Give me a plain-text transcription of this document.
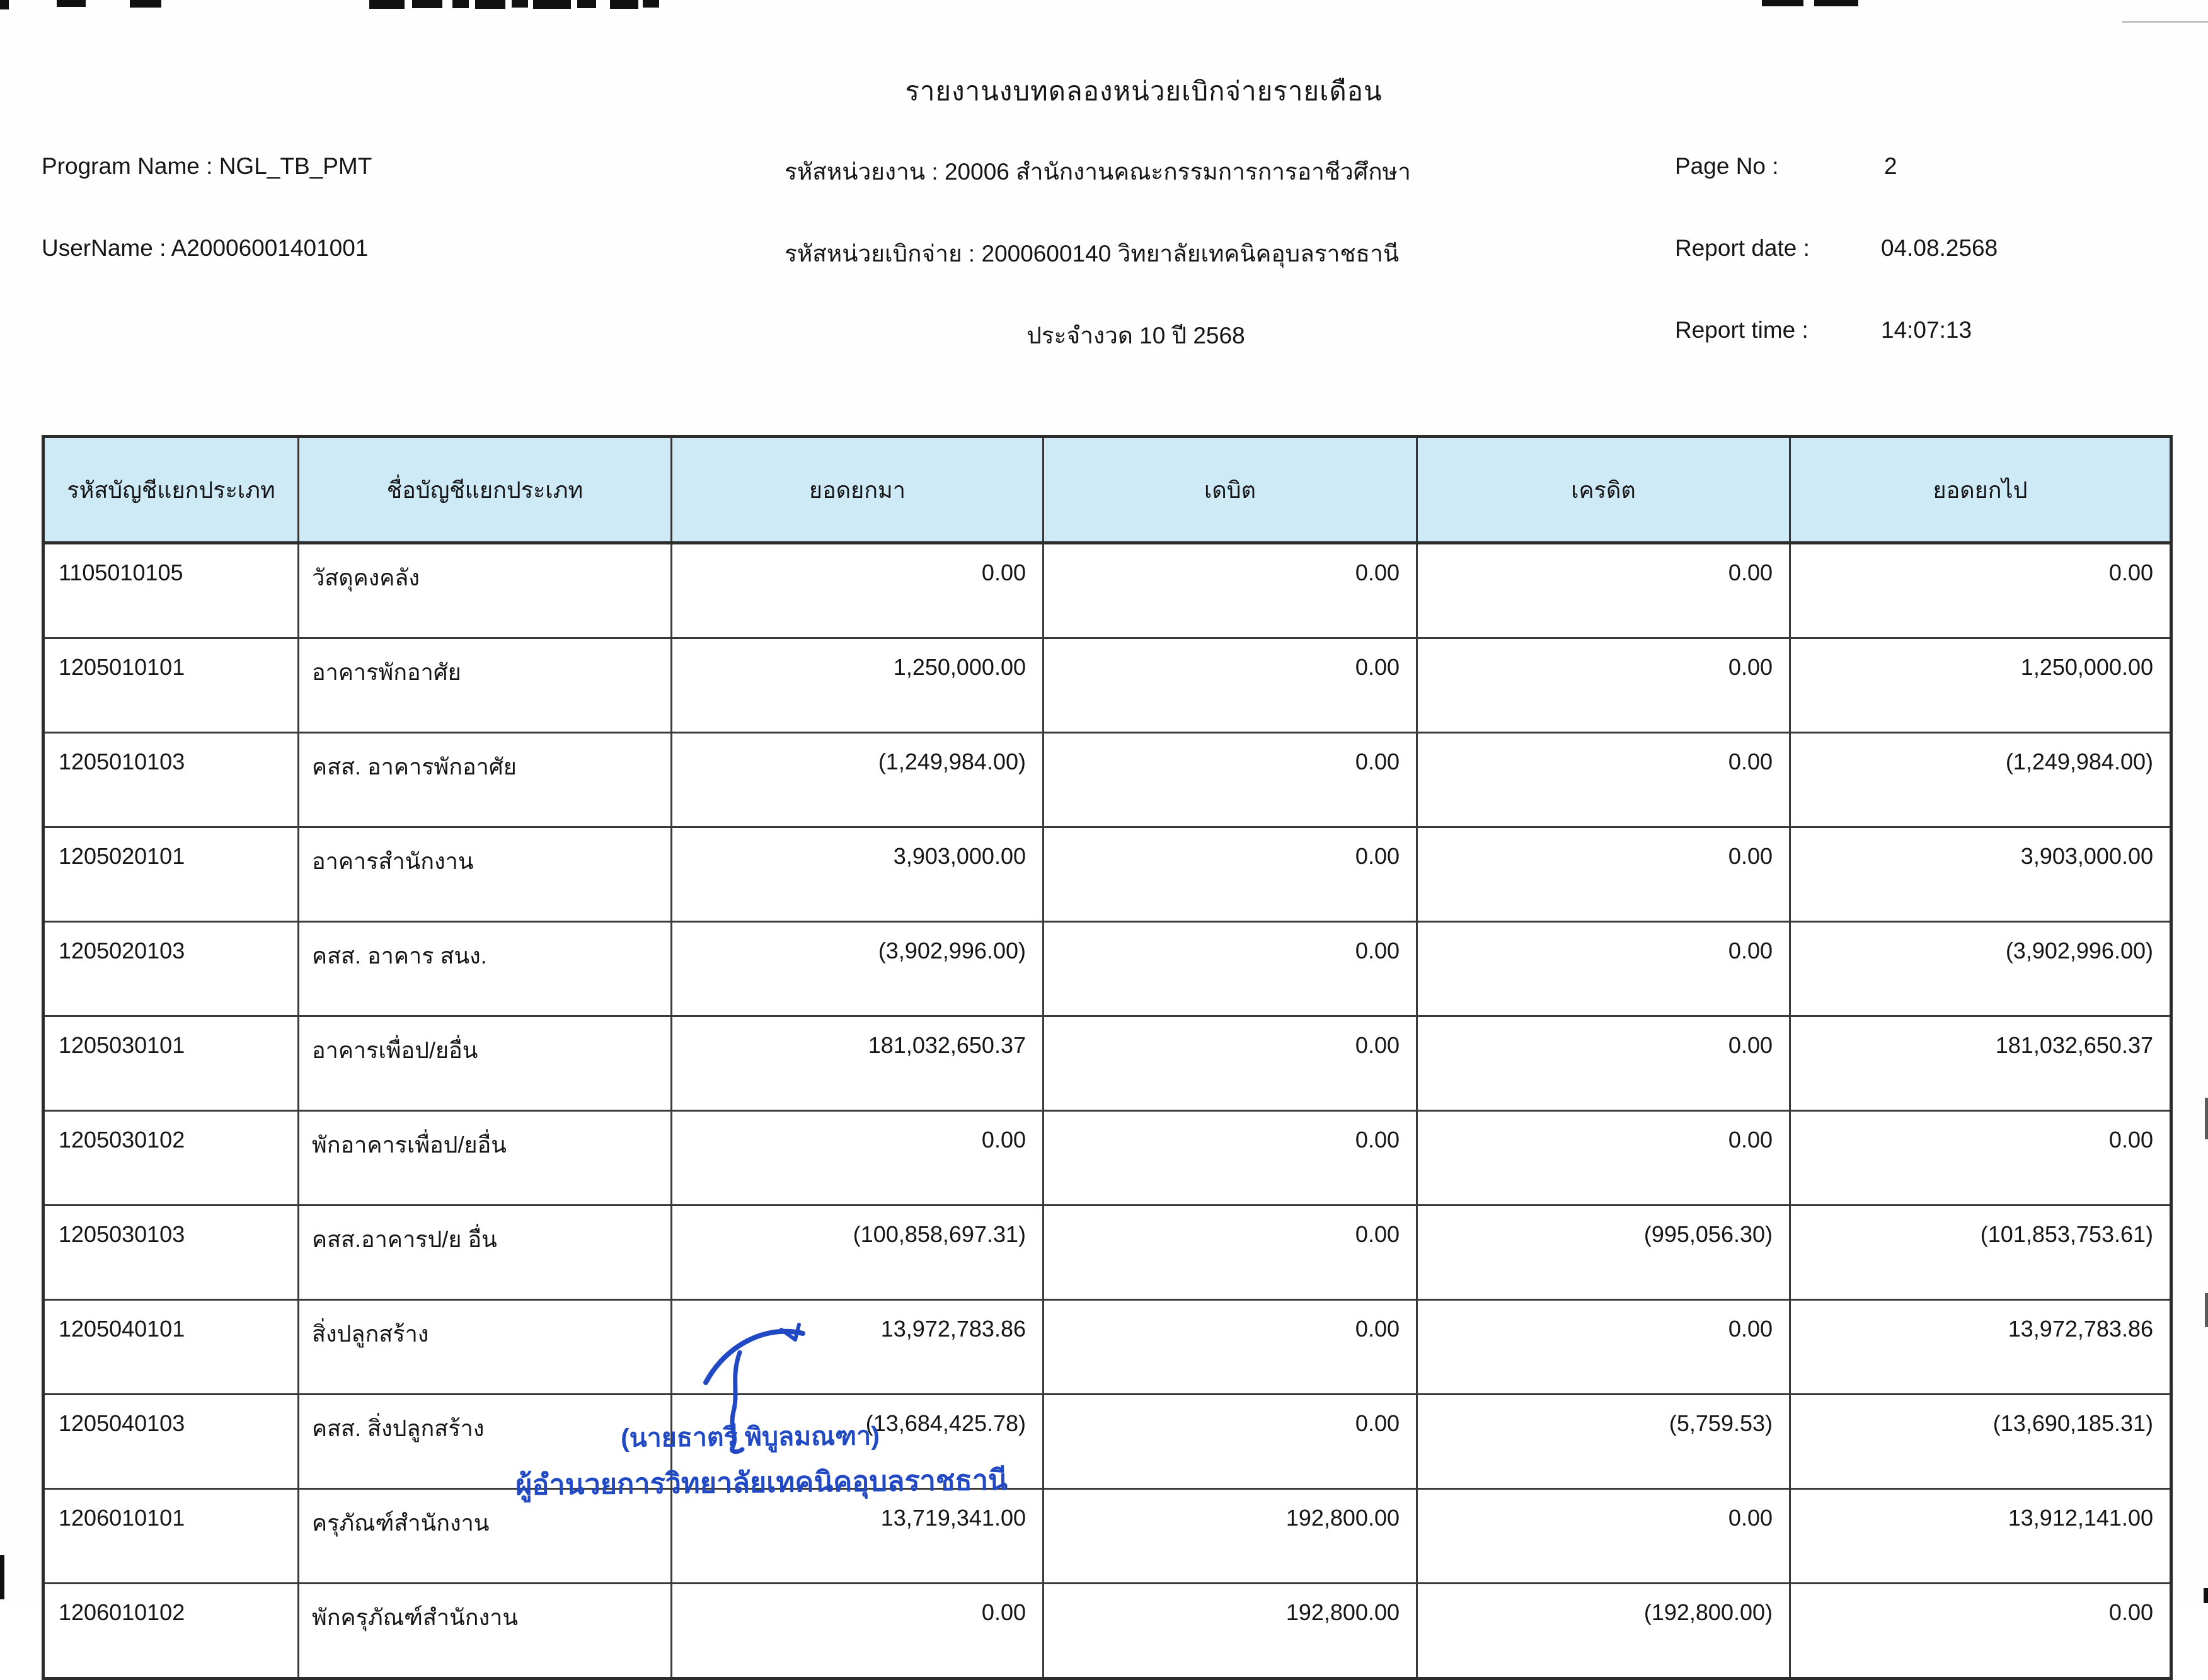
รายงานงบทดลองหน่วยเบิกจ่ายรายเดือน
Program Name : NGL_TB_PMT	รหัสหน่วยงาน : 20006 สำนักงานคณะกรรมการการอาชีวศึกษา	Page No :	2
UserName : A20006001401001	รหัสหน่วยเบิกจ่าย : 2000600140 วิทยาลัยเทคนิคอุบลราชธานี	Report date :	04.08.2568
ประจำงวด 10 ปี 2568	Report time :	14:07:13
รหัสบัญชีแยกประเภท	ชื่อบัญชีแยกประเภท	ยอดยกมา	เดบิต	เครดิต	ยอดยกไป
1105010105	วัสดุคงคลัง	0.00	0.00	0.00	0.00
1205010101	อาคารพักอาศัย	1,250,000.00	0.00	0.00	1,250,000.00
1205010103	คสส. อาคารพักอาศัย	(1,249,984.00)	0.00	0.00	(1,249,984.00)
1205020101	อาคารสำนักงาน	3,903,000.00	0.00	0.00	3,903,000.00
1205020103	คสส. อาคาร สนง.	(3,902,996.00)	0.00	0.00	(3,902,996.00)
1205030101	อาคารเพื่อป/ยอื่น	181,032,650.37	0.00	0.00	181,032,650.37
1205030102	พักอาคารเพื่อป/ยอื่น	0.00	0.00	0.00	0.00
1205030103	คสส.อาคารป/ย อื่น	(100,858,697.31)	0.00	(995,056.30)	(101,853,753.61)
1205040101	สิ่งปลูกสร้าง	13,972,783.86	0.00	0.00	13,972,783.86
1205040103	คสส. สิ่งปลูกสร้าง	(13,684,425.78)	0.00	(5,759.53)	(13,690,185.31)
1206010101	ครุภัณฑ์สำนักงาน	13,719,341.00	192,800.00	0.00	13,912,141.00
1206010102	พักครุภัณฑ์สำนักงาน	0.00	192,800.00	(192,800.00)	0.00
(นายธาตรี พิบูลมณฑา)
ผู้อำนวยการวิทยาลัยเทคนิคอุบลราชธานี
